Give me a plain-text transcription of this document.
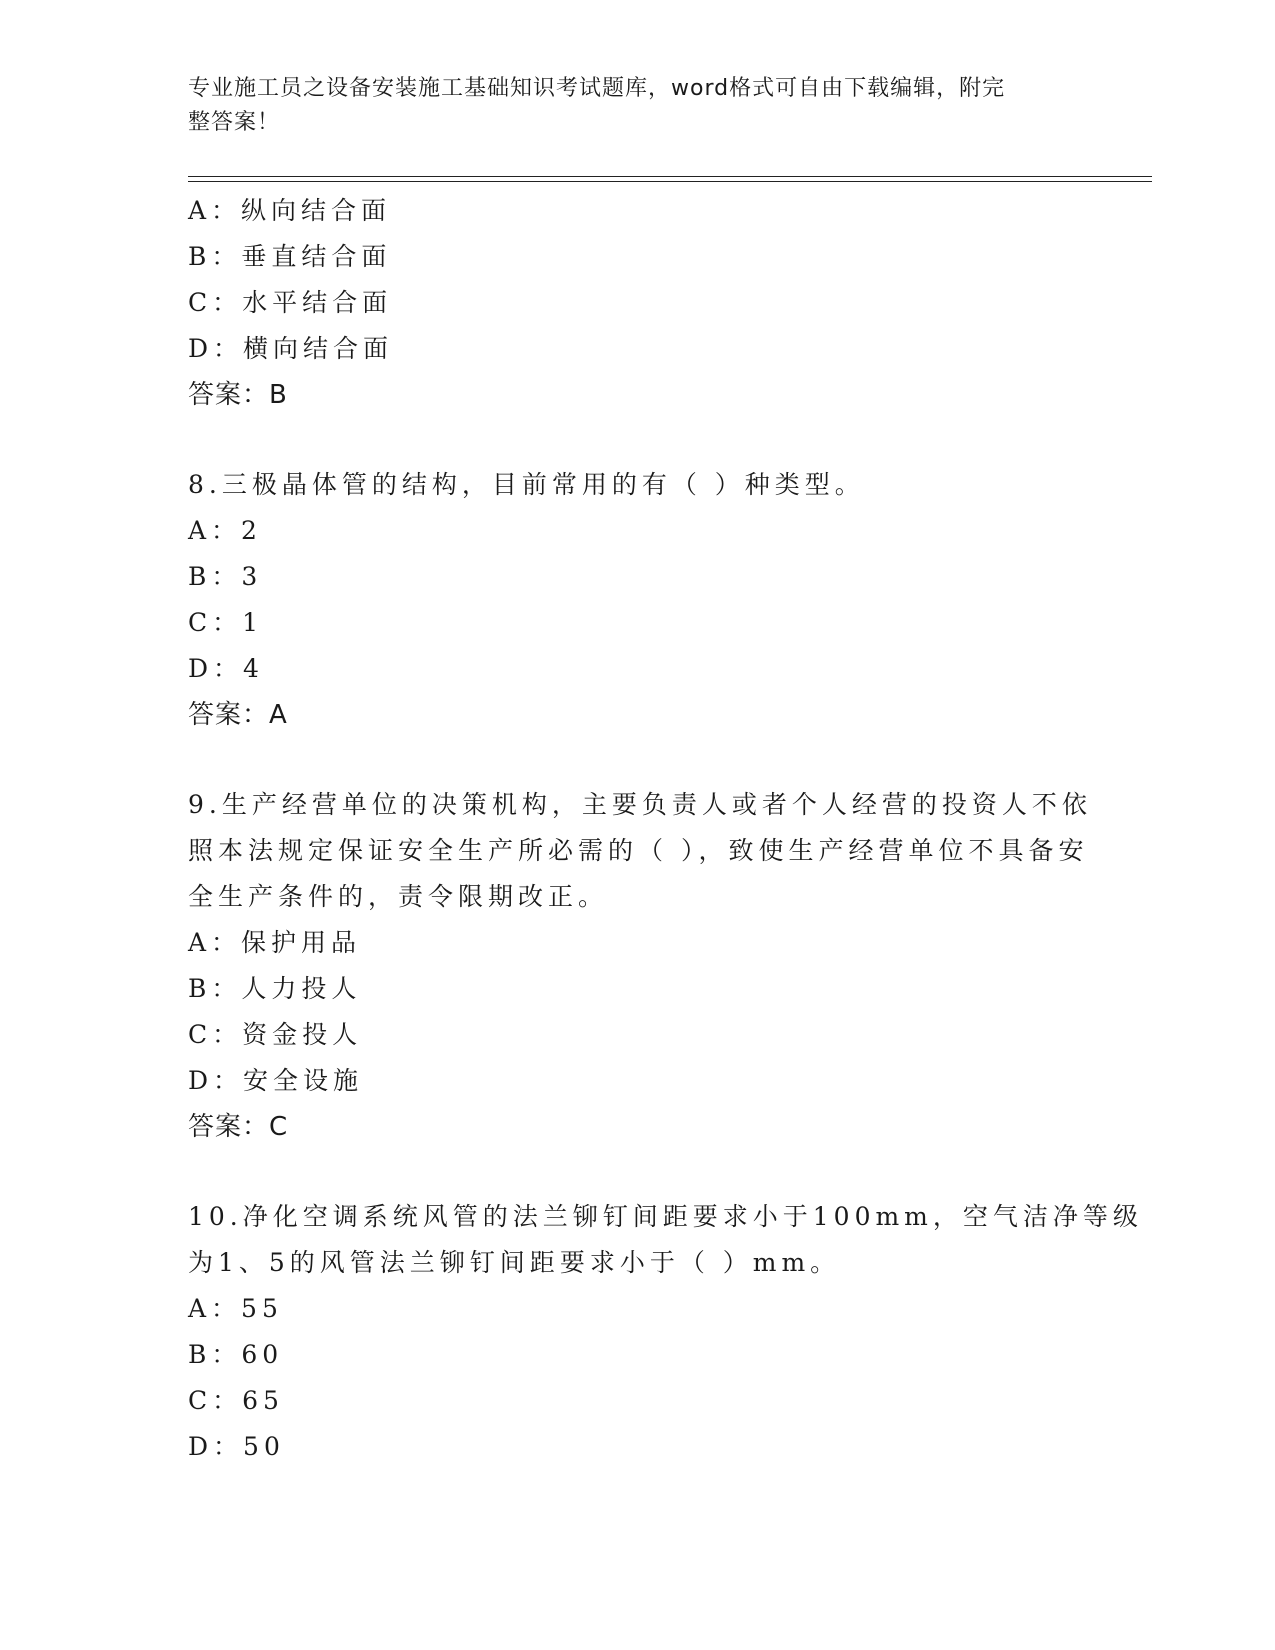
专业施工员之设备安装施工基础知识考试题库，word格式可自由下载编辑，附完
整答案！
A：纵向结合面
B：垂直结合面
C：水平结合面
D：横向结合面
答案：B
8.三极晶体管的结构，目前常用的有（ ）种类型。
A：2
B：3
C：1
D：4
答案：A
9.生产经营单位的决策机构，主要负责人或者个人经营的投资人不依
照本法规定保证安全生产所必需的（ ），致使生产经营单位不具备安
全生产条件的，责令限期改正。
A：保护用品
B：人力投人
C：资金投人
D：安全设施
答案：C
10.净化空调系统风管的法兰铆钉间距要求小于100mm，空气洁净等级
为1、5的风管法兰铆钉间距要求小于（ ）mm。
A：55
B：60
C：65
D：50
